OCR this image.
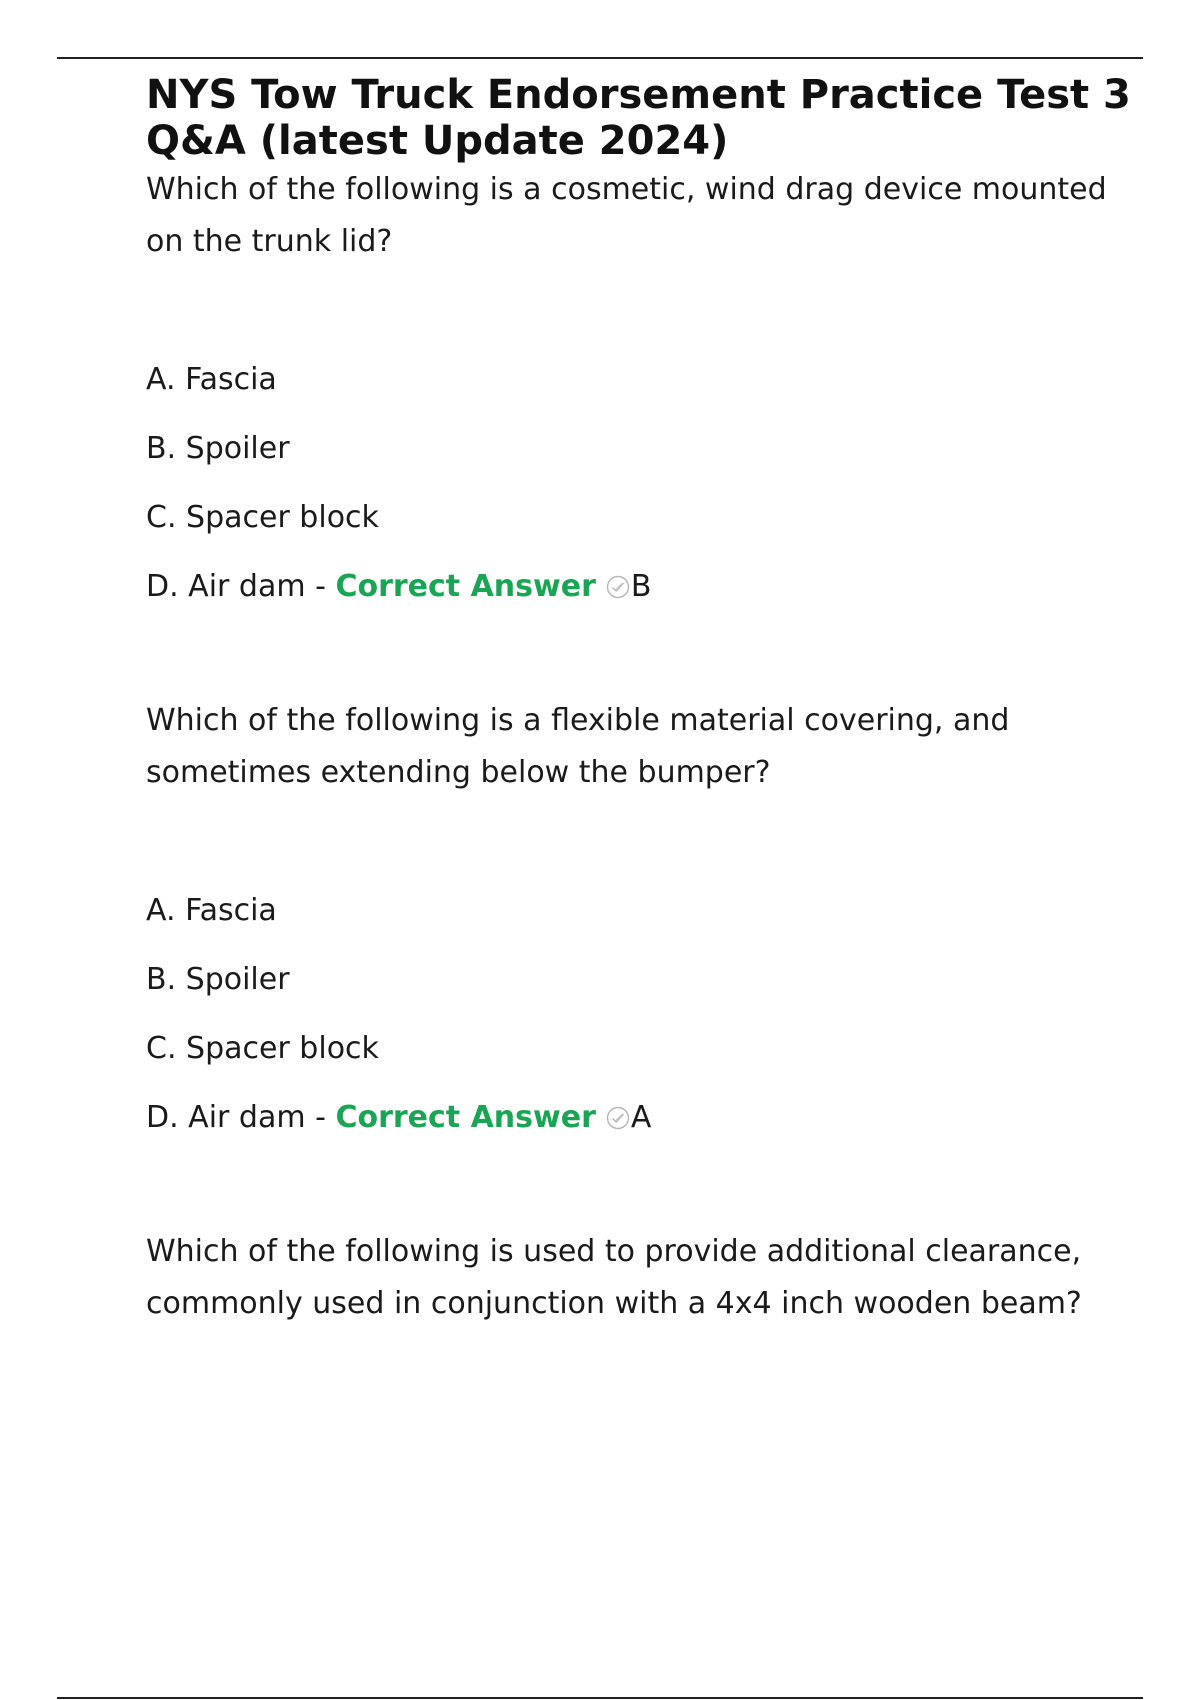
NYS Tow Truck Endorsement Practice Test 3 Q&A (latest Update 2024)

Which of the following is a cosmetic, wind drag device mounted on the trunk lid?

A. Fascia
B. Spoiler
C. Spacer block
D. Air dam - Correct Answer B

Which of the following is a flexible material covering, and sometimes extending below the bumper?

A. Fascia
B. Spoiler
C. Spacer block
D. Air dam - Correct Answer A

Which of the following is used to provide additional clearance, commonly used in conjunction with a 4x4 inch wooden beam?
